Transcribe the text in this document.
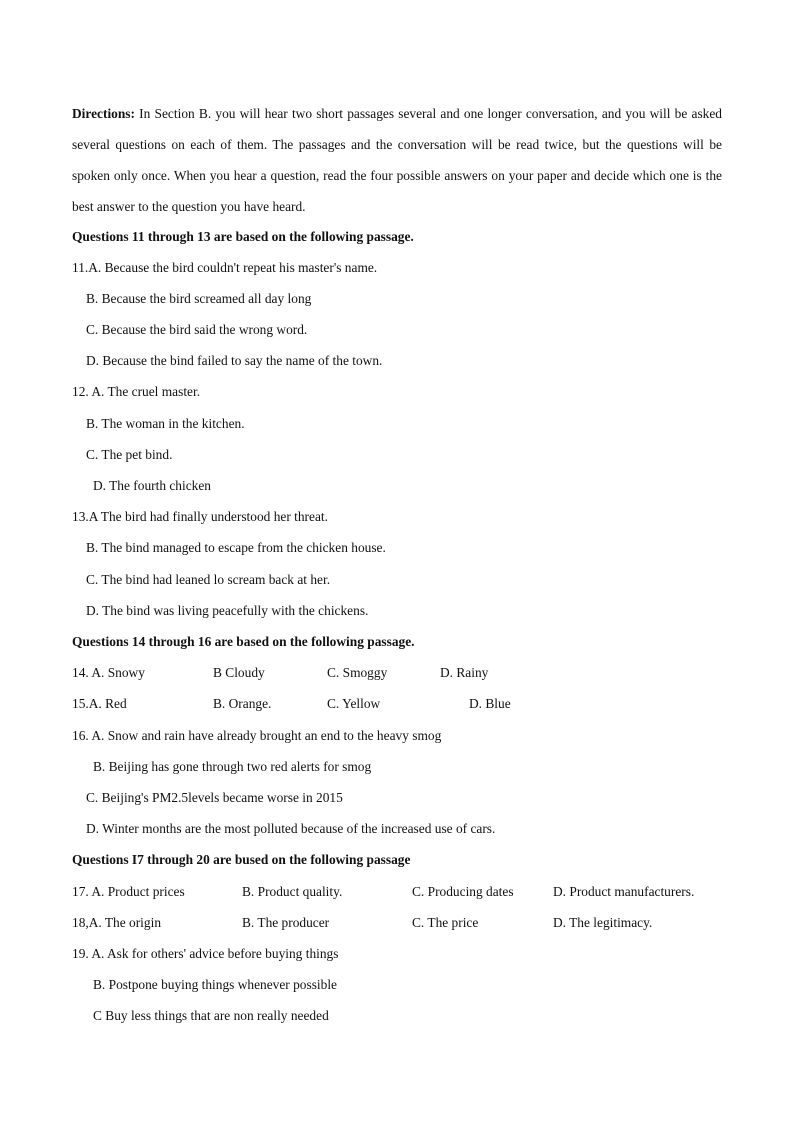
Directions: In Section B. you will hear two short passages several and one longer conversation, and you will be asked several questions on each of them. The passages and the conversation will be read twice, but the questions will be spoken only once. When you hear a question, read the four possible answers on your paper and decide which one is the best answer to the question you have heard.

Questions 11 through 13 are based on the following passage.

11.A. Because the bird couldn't repeat his master's name.

B. Because the bird screamed all day long

C. Because the bird said the wrong word.

D. Because the bind failed to say the name of the town.

12. A. The cruel master.

B. The woman in the kitchen.

C. The pet bind.

D. The fourth chicken

13.A The bird had finally understood her threat.

B. The bind managed to escape from the chicken house.

C. The bind had leaned lo scream back at her.

D. The bind was living peacefully with the chickens.

Questions 14 through 16 are based on the following passage.

14. A. Snowy	B Cloudy	C. Smoggy	D. Rainy
15.A. Red	B. Orange.	C. Yellow	D. Blue

16. A. Snow and rain have already brought an end to the heavy smog

B. Beijing has gone through two red alerts for smog

C. Beijing's PM2.5levels became worse in 2015

D. Winter months are the most polluted because of the increased use of cars.

Questions I7 through 20 are bused on the following passage

17. A. Product prices	B. Product quality.	C. Producing dates	D. Product manufacturers.
18,A. The origin	B. The producer	C. The price	D. The legitimacy.

19. A. Ask for others' advice before buying things

B. Postpone buying things whenever possible

C Buy less things that are non really needed
